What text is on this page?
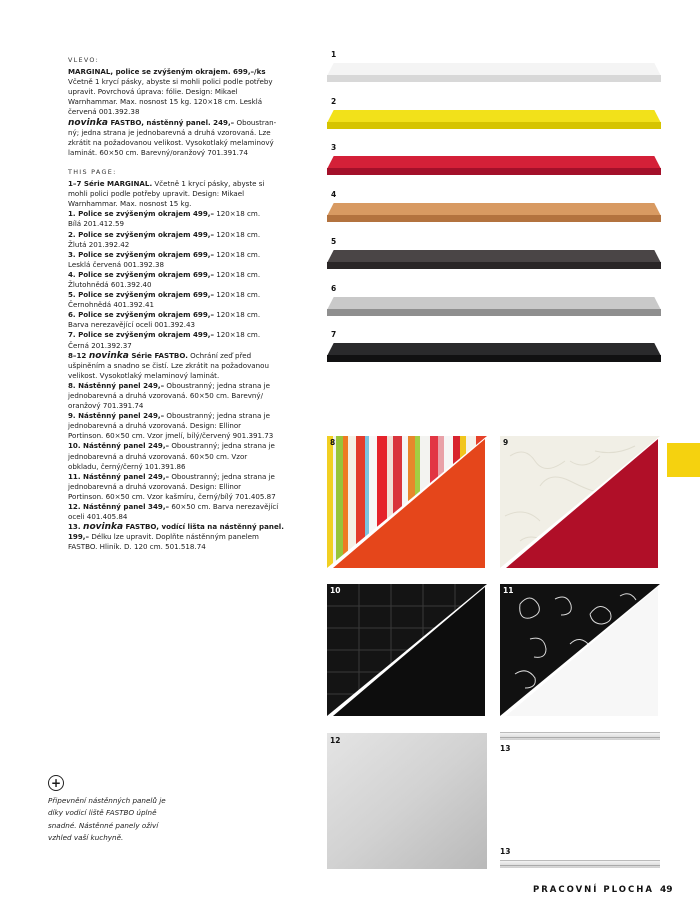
VLEVO:

MARGINAL, police se zvýšeným okrajem. 699,–/ks

Včetně 1 krycí pásky, abyste si mohli polici podle potřeby

upravit. Povrchová úprava: fólie. Design: Mikael

Warnhammar. Max. nosnost 15 kg. 120×18 cm. Lesklá

červená 001.392.38

novinka FASTBO, nástěnný panel. 249,– Oboustran-

ný; jedna strana je jednobarevná a druhá vzorovaná. Lze

zkrátit na požadovanou velikost. Vysokotlaký melaminový

laminát. 60×50 cm. Barevný/oranžový 701.391.74

THIS PAGE:

1–7 Série MARGINAL. Včetně 1 krycí pásky, abyste si

mohli polici podle potřeby upravit. Design: Mikael

Warnhammar. Max. nosnost 15 kg.

1. Police se zvýšeným okrajem 499,– 120×18 cm.

Bílá 201.412.59

2. Police se zvýšeným okrajem 499,– 120×18 cm.

Žlutá 201.392.42

3. Police se zvýšeným okrajem 699,– 120×18 cm.

Lesklá červená 001.392.38

4. Police se zvýšeným okrajem 699,– 120×18 cm.

Žlutohnědá 601.392.40

5. Police se zvýšeným okrajem 699,– 120×18 cm.

Černohnědá 401.392.41

6. Police se zvýšeným okrajem 699,– 120×18 cm.

Barva nerezavějící oceli 001.392.43

7. Police se zvýšeným okrajem 499,– 120×18 cm.

Černá 201.392.37

8–12 novinka Série FASTBO. Ochrání zeď před

ušpiněním a snadno se čistí. Lze zkrátit na požadovanou

velikost. Vysokotlaký melaminový laminát.

8. Nástěnný panel 249,– Oboustranný; jedna strana je

jednobarevná a druhá vzorovaná. 60×50 cm. Barevný/

oranžový 701.391.74

9. Nástěnný panel 249,– Oboustranný; jedna strana je

jednobarevná a druhá vzorovaná. Design: Ellinor

Portinson. 60×50 cm. Vzor jmelí, bílý/červený 901.391.73

10. Nástěnný panel 249,– Oboustranný; jedna strana je

jednobarevná a druhá vzorovaná. 60×50 cm. Vzor

obkladu, černý/černý 101.391.86

11. Nástěnný panel 249,– Oboustranný; jedna strana je

jednobarevná a druhá vzorovaná. Design: Ellinor

Portinson. 60×50 cm. Vzor kašmíru, černý/bílý 701.405.87

12. Nástěnný panel 349,– 60×50 cm. Barva nerezavějící

oceli 401.405.84

13. novinka FASTBO, vodící lišta na nástěnný panel.

199,– Délku lze upravit. Doplňte nástěnným panelem

FASTBO. Hliník. D. 120 cm. 501.518.74

1
2
3
4
5
6
7
8	9
10	11
12
13
13
+
Připevnění nástěnných panelů je
díky vodicí liště FASTBO úplně
snadné. Nástěnné panely oživí
vzhled vaší kuchyně.
PRACOVNÍ PLOCHA 49
